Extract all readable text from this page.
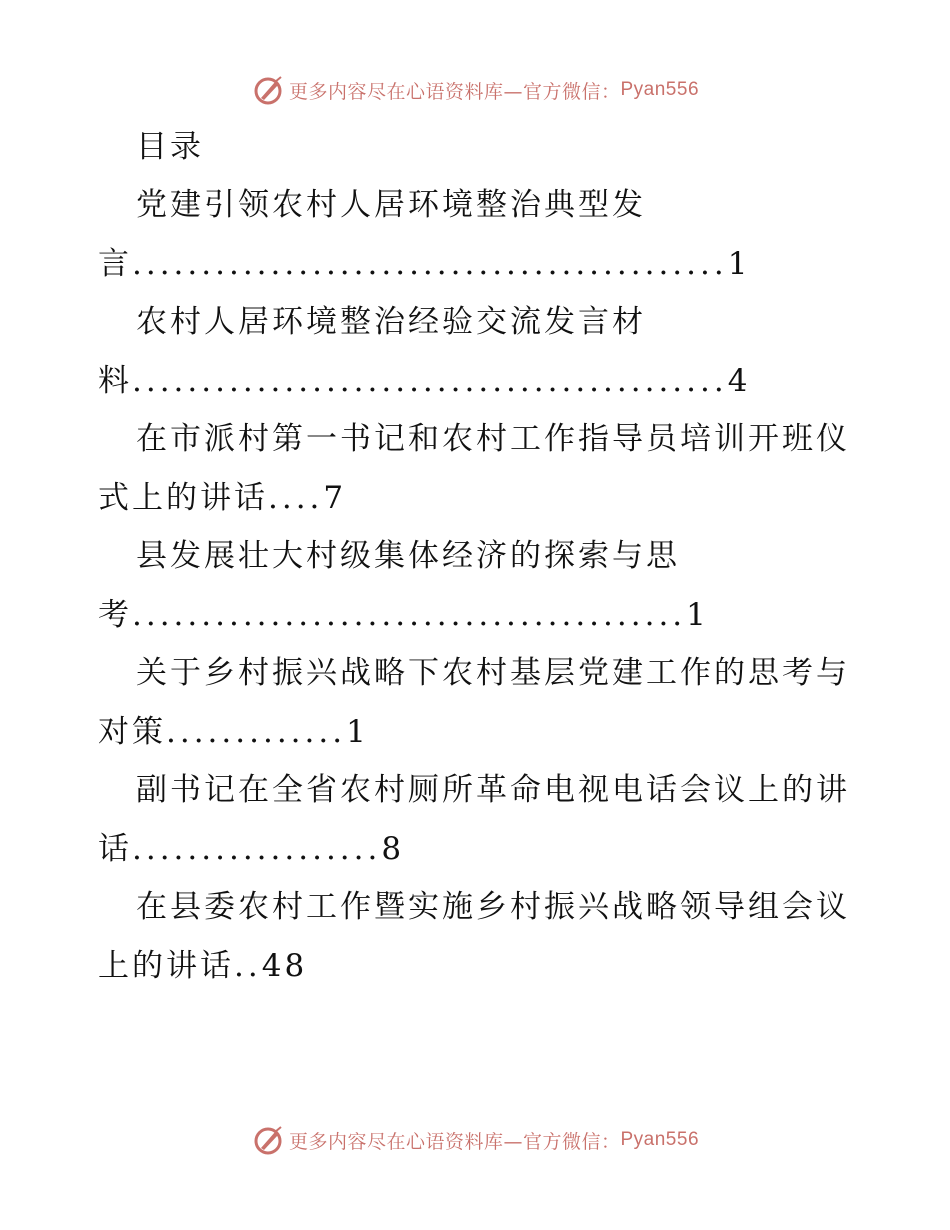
更多内容尽在心语资料库—官方微信： Pyan556
目录
党建引领农村人居环境整治典型发言...........................................1
农村人居环境整治经验交流发言材料...........................................4
在市派村第一书记和农村工作指导员培训开班仪式上的讲话....7
县发展壮大村级集体经济的探索与思考........................................1
关于乡村振兴战略下农村基层党建工作的思考与对策.............1
副书记在全省农村厕所革命电视电话会议上的讲话..................8
在县委农村工作暨实施乡村振兴战略领导组会议上的讲话..48
更多内容尽在心语资料库—官方微信： Pyan556
